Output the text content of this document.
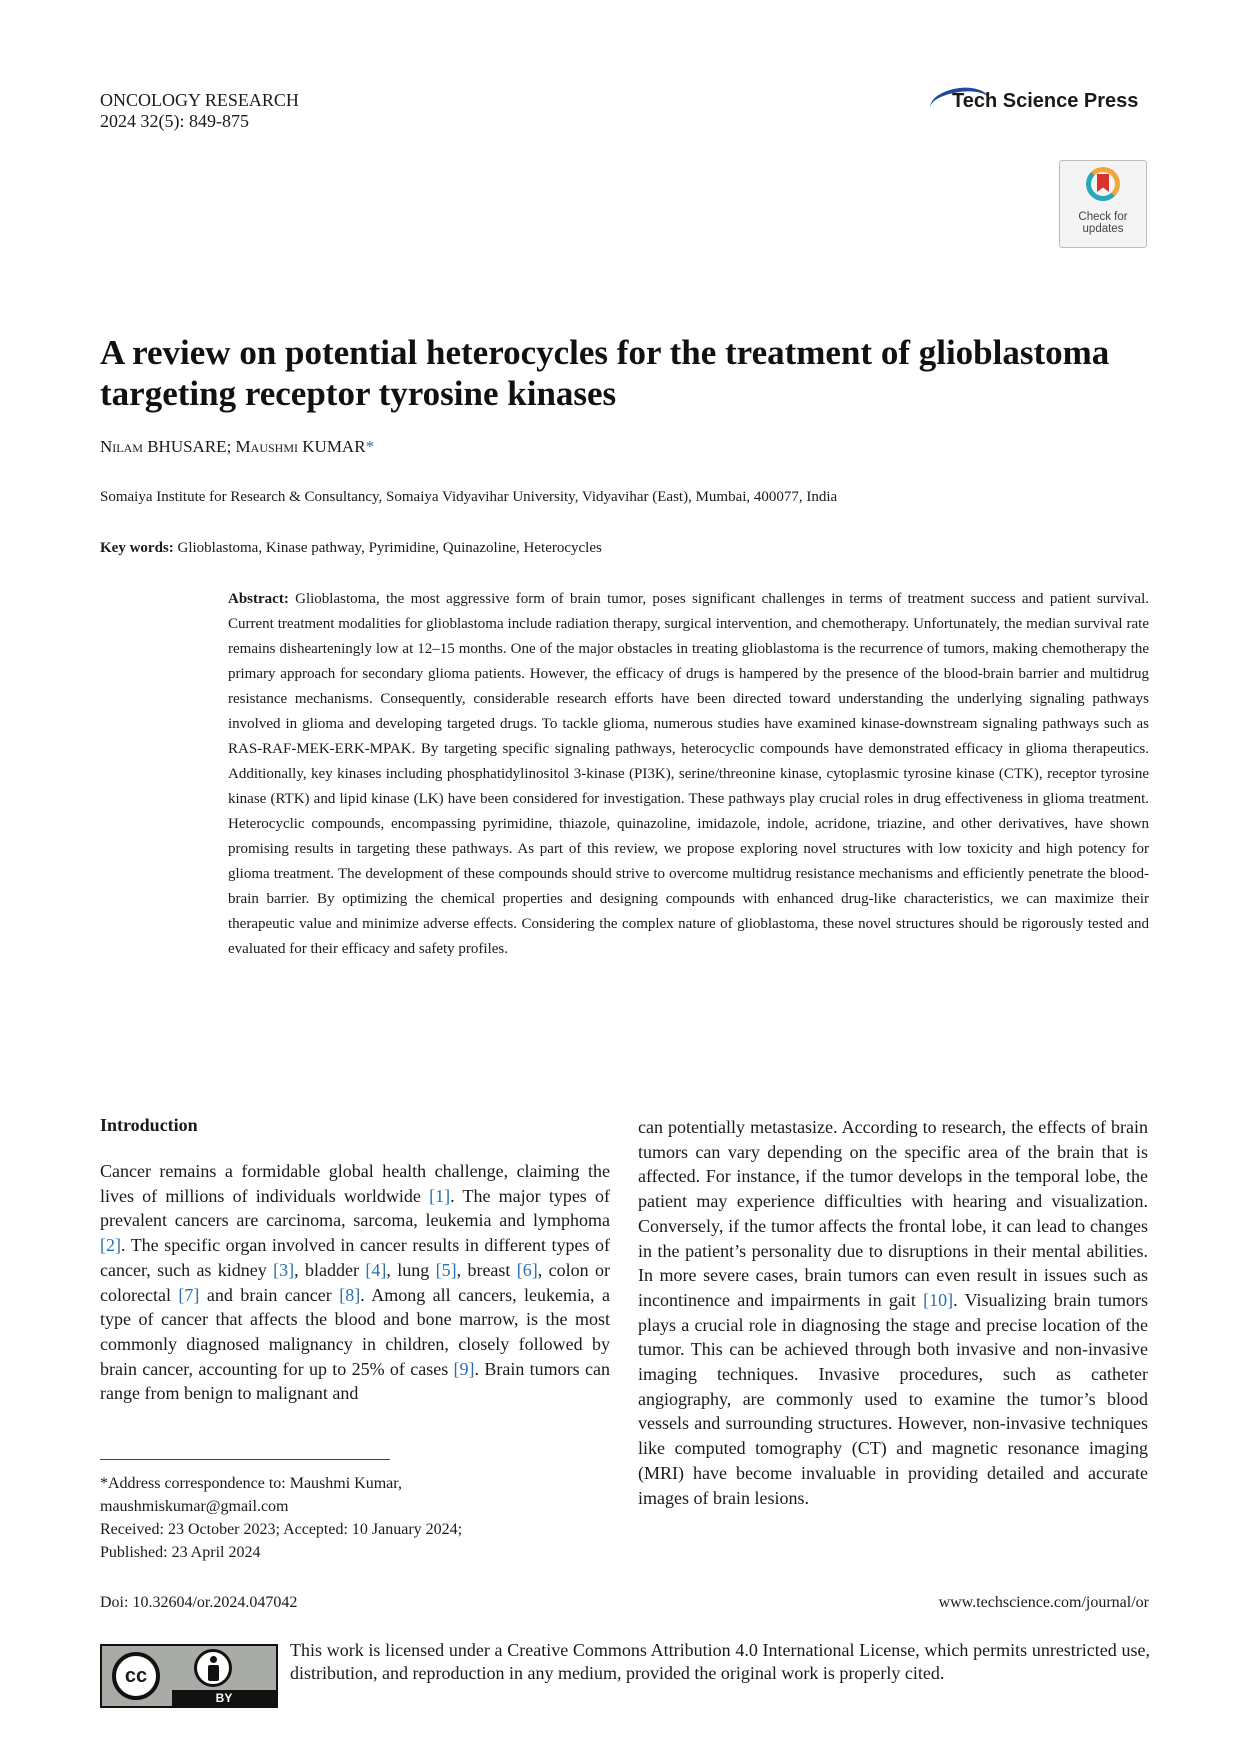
ONCOLOGY RESEARCH
2024 32(5): 849-875
Tech Science Press
Check for updates
A review on potential heterocycles for the treatment of glioblastoma targeting receptor tyrosine kinases
Nilam BHUSARE; Maushmi KUMAR*
Somaiya Institute for Research & Consultancy, Somaiya Vidyavihar University, Vidyavihar (East), Mumbai, 400077, India
Key words: Glioblastoma, Kinase pathway, Pyrimidine, Quinazoline, Heterocycles
Abstract: Glioblastoma, the most aggressive form of brain tumor, poses significant challenges in terms of treatment success and patient survival. Current treatment modalities for glioblastoma include radiation therapy, surgical intervention, and chemotherapy. Unfortunately, the median survival rate remains dishearteningly low at 12–15 months. One of the major obstacles in treating glioblastoma is the recurrence of tumors, making chemotherapy the primary approach for secondary glioma patients. However, the efficacy of drugs is hampered by the presence of the blood-brain barrier and multidrug resistance mechanisms. Consequently, considerable research efforts have been directed toward understanding the underlying signaling pathways involved in glioma and developing targeted drugs. To tackle glioma, numerous studies have examined kinase-downstream signaling pathways such as RAS-RAF-MEK-ERK-MPAK. By targeting specific signaling pathways, heterocyclic compounds have demonstrated efficacy in glioma therapeutics. Additionally, key kinases including phosphatidylinositol 3-kinase (PI3K), serine/threonine kinase, cytoplasmic tyrosine kinase (CTK), receptor tyrosine kinase (RTK) and lipid kinase (LK) have been considered for investigation. These pathways play crucial roles in drug effectiveness in glioma treatment. Heterocyclic compounds, encompassing pyrimidine, thiazole, quinazoline, imidazole, indole, acridone, triazine, and other derivatives, have shown promising results in targeting these pathways. As part of this review, we propose exploring novel structures with low toxicity and high potency for glioma treatment. The development of these compounds should strive to overcome multidrug resistance mechanisms and efficiently penetrate the blood-brain barrier. By optimizing the chemical properties and designing compounds with enhanced drug-like characteristics, we can maximize their therapeutic value and minimize adverse effects. Considering the complex nature of glioblastoma, these novel structures should be rigorously tested and evaluated for their efficacy and safety profiles.
Introduction
Cancer remains a formidable global health challenge, claiming the lives of millions of individuals worldwide [1]. The major types of prevalent cancers are carcinoma, sarcoma, leukemia and lymphoma [2]. The specific organ involved in cancer results in different types of cancer, such as kidney [3], bladder [4], lung [5], breast [6], colon or colorectal [7] and brain cancer [8]. Among all cancers, leukemia, a type of cancer that affects the blood and bone marrow, is the most commonly diagnosed malignancy in children, closely followed by brain cancer, accounting for up to 25% of cases [9]. Brain tumors can range from benign to malignant and
can potentially metastasize. According to research, the effects of brain tumors can vary depending on the specific area of the brain that is affected. For instance, if the tumor develops in the temporal lobe, the patient may experience difficulties with hearing and visualization. Conversely, if the tumor affects the frontal lobe, it can lead to changes in the patient’s personality due to disruptions in their mental abilities. In more severe cases, brain tumors can even result in issues such as incontinence and impairments in gait [10]. Visualizing brain tumors plays a crucial role in diagnosing the stage and precise location of the tumor. This can be achieved through both invasive and non-invasive imaging techniques. Invasive procedures, such as catheter angiography, are commonly used to examine the tumor’s blood vessels and surrounding structures. However, non-invasive techniques like computed tomography (CT) and magnetic resonance imaging (MRI) have become invaluable in providing detailed and accurate images of brain lesions.
*Address correspondence to: Maushmi Kumar,
maushmiskumar@gmail.com
Received: 23 October 2023; Accepted: 10 January 2024;
Published: 23 April 2024
Doi: 10.32604/or.2024.047042	www.techscience.com/journal/or
cc
BY
This work is licensed under a Creative Commons Attribution 4.0 International License, which permits unrestricted use, distribution, and reproduction in any medium, provided the original work is properly cited.
